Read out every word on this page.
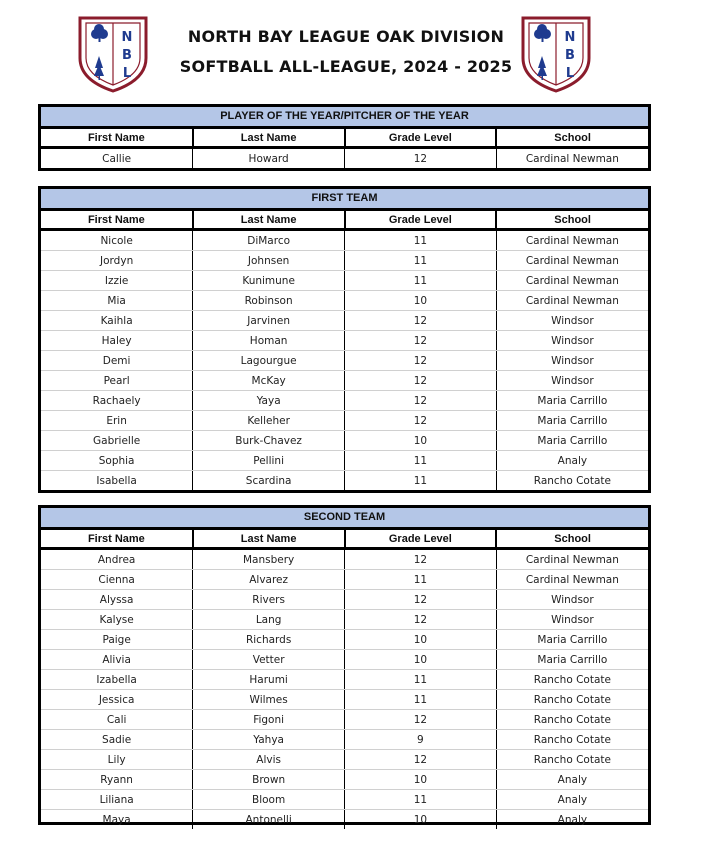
N
B
L
NORTH BAY LEAGUE OAK DIVISION
SOFTBALL ALL-LEAGUE, 2024 - 2025
N
B
L
PLAYER OF THE YEAR/PITCHER OF THE YEAR
First Name	Last Name	Grade Level	School
Callie	Howard	12	Cardinal Newman
FIRST TEAM
First Name	Last Name	Grade Level	School
Nicole	DiMarco	11	Cardinal Newman
Jordyn	Johnsen	11	Cardinal Newman
Izzie	Kunimune	11	Cardinal Newman
Mia	Robinson	10	Cardinal Newman
Kaihla	Jarvinen	12	Windsor
Haley	Homan	12	Windsor
Demi	Lagourgue	12	Windsor
Pearl	McKay	12	Windsor
Rachaely	Yaya	12	Maria Carrillo
Erin	Kelleher	12	Maria Carrillo
Gabrielle	Burk-Chavez	10	Maria Carrillo
Sophia	Pellini	11	Analy
Isabella	Scardina	11	Rancho Cotate
SECOND TEAM
First Name	Last Name	Grade Level	School
Andrea	Mansbery	12	Cardinal Newman
Cienna	Alvarez	11	Cardinal Newman
Alyssa	Rivers	12	Windsor
Kalyse	Lang	12	Windsor
Paige	Richards	10	Maria Carrillo
Alivia	Vetter	10	Maria Carrillo
Izabella	Harumi	11	Rancho Cotate
Jessica	Wilmes	11	Rancho Cotate
Cali	Figoni	12	Rancho Cotate
Sadie	Yahya	9	Rancho Cotate
Lily	Alvis	12	Rancho Cotate
Ryann	Brown	10	Analy
Liliana	Bloom	11	Analy
Maya	Antonelli	10	Analy
